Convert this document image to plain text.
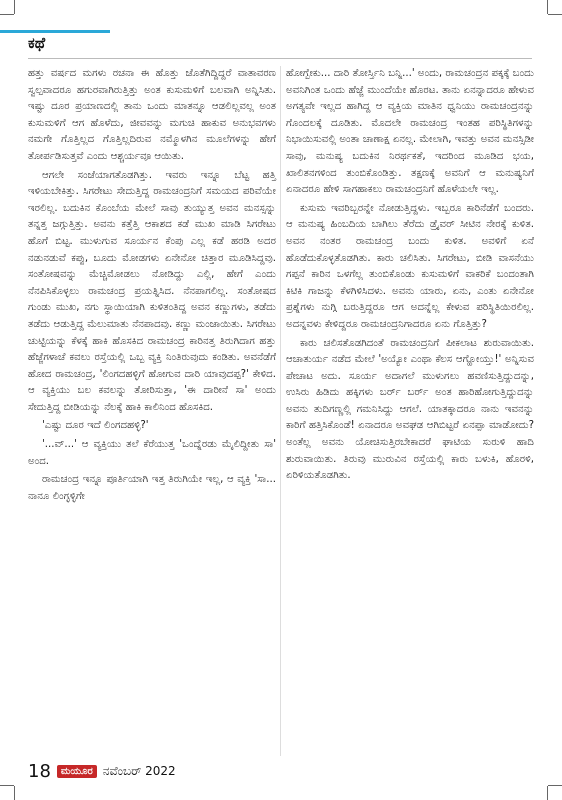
ಕಥೆ

ಹತ್ತು ವರ್ಷದ ಮಗಳು ರಚನಾ ಈ ಹೊತ್ತು ಜೊತೆಗಿದ್ದಿದ್ದರೆ ವಾತಾವರಣ ಸ್ವಲ್ಪವಾದರೂ ಹಗುರವಾಗಿರುತ್ತಿತ್ತು ಅಂತ ಕುಸುಮಳಿಗೆ ಬಲವಾಗಿ ಅನ್ನಿಸಿತು. ಇಷ್ಟು ದೂರ ಪ್ರಯಾಣದಲ್ಲಿ ತಾನು ಒಂದು ಮಾತನ್ನೂ ಆಡಲಿಲ್ಲವಲ್ಲ ಅಂತ ಕುಸುಮಳಿಗೆ ಆಗ ಹೊಳೆದು, ಜೀವವನ್ನು ಮಗುಚಿ ಹಾಕುವ ಅನುಭವಗಳು ನಮಗೇ ಗೊತ್ತಿಲ್ಲದ ಗೊತ್ತಿಲ್ಲದಿರುವ ನಮ್ಮೊಳಗಿನ ಮೂಲೆಗಳನ್ನು ಹೇಗೆ ತೋರ್ಪಡಿಸುತ್ತವೆ ಎಂದು ಆಶ್ಚರ್ಯವೂ ಆಯಿತು.

ಆಗಲೇ ಸಂಜೆಯಾಗತೊಡಗಿತ್ತು. ಇವರು ಇನ್ನೂ ಬೆಟ್ಟ ಹತ್ತಿ ಇಳಿಯಬೇಕಿತ್ತು. ಸಿಗರೇಟು ಸೇದುತ್ತಿದ್ದ ರಾಮಚಂದ್ರನಿಗೆ ಸಮಯದ ಪರಿವೆಯೇ ಇರಲಿಲ್ಲ. ಬದುಕಿನ ಕೊಂಬೆಯ ಮೇಲೆ ಸಾವು ತುಯ್ಯುತ್ತ ಅವನ ಮನಸ್ಸನ್ನು ತನ್ನತ್ತ ಜಗ್ಗುತ್ತಿತ್ತು. ಅವನು ಕತ್ತೆತ್ತಿ ಆಕಾಶದ ಕಡೆ ಮುಖ ಮಾಡಿ ಸಿಗರೇಟು ಹೊಗೆ ಬಿಟ್ಟ. ಮುಳುಗುವ ಸೂರ್ಯನ ಕೆಂಪು ಎಲ್ಲ ಕಡೆ ಹರಡಿ ಅದರ ನಡುನಡುವೆ ಕಪ್ಪು, ಬೂದು ಮೋಡಗಳು ಏನೇನೋ ಚಿತ್ತಾರ ಮೂಡಿಸಿದ್ದವು. ಸಂತೋಷವನ್ನು ಮೆಚ್ಚಿಮೋಡಲು ನೋಡಿದ್ದು ಎಲ್ಲಿ, ಹೇಗೆ ಎಂದು ನೆನಪಿಸಿಕೊಳ್ಳಲು ರಾಮಚಂದ್ರ ಪ್ರಯತ್ನಿಸಿದ. ನೆನಪಾಗಲಿಲ್ಲ. ಸಂತೋಷದ ಗುಂಡು ಮುಖ, ನಗು ಸ್ಥಾಯಿಯಾಗಿ ಕುಳಿತಂತಿದ್ದ ಅವನ ಕಣ್ಣುಗಳು, ತಡೆದು ತಡೆದು ಆಡುತ್ತಿದ್ದ ಮೆಲುಮಾತು ನೆನಪಾದವು. ಕಣ್ಣು ಮಂಜಾಯಿತು. ಸಿಗರೇಟು ಚುಟ್ಟಿಯನ್ನು ಕೆಳಕ್ಕೆ ಹಾಕಿ ಹೊಸಕಿದ ರಾಮಚಂದ್ರ ಕಾರಿನತ್ತ ತಿರುಗಿದಾಗ ಹತ್ತು ಹೆಜ್ಜೆಗಳಾಚೆ ಕವಲು ರಸ್ತೆಯಲ್ಲಿ ಒಬ್ಬ ವ್ಯಕ್ತಿ ನಿಂತಿರುವುದು ಕಂಡಿತು. ಅವನೆಡೆಗೆ ಹೋದ ರಾಮಚಂದ್ರ, 'ಲಿಂಗದಹಳ್ಳಿಗೆ ಹೋಗುವ ದಾರಿ ಯಾವುದಪ್ಪ?' ಕೇಳಿದ. ಆ ವ್ಯಕ್ತಿಯು ಬಲ ಕವಲನ್ನು ತೋರಿಸುತ್ತಾ, 'ಈ ದಾರೀನೆ ಸಾ' ಅಂದು ಸೇದುತ್ತಿದ್ದ ಬೀಡಿಯನ್ನು ನೆಲಕ್ಕೆ ಹಾಕಿ ಕಾಲಿನಿಂದ ಹೊಸಕಿದ.

'ಎಷ್ಟು ದೂರ ಇದೆ ಲಿಂಗದಹಳ್ಳಿ?'

'...ವ್...' ಆ ವ್ಯಕ್ತಿಯು ತಲೆ ಕೆರೆಯುತ್ತ 'ಒಂದ್ನೆರಡು ಮೈಲಿದ್ದೀತು ಸಾ' ಅಂದ.

ರಾಮಚಂದ್ರ ಇನ್ನೂ ಪೂರ್ತಿಯಾಗಿ ಇತ್ತ ತಿರುಗಿಯೇ ಇಲ್ಲ, ಆ ವ್ಯಕ್ತಿ 'ಸಾ... ನಾನೂ ಲಿಂಗ್ಳಳ್ಳಿಗೇ

ಹೋಗ್ಬೇಕು... ದಾರಿ ತೋರ್ಸ್ತಿನಿ ಬನ್ನಿ...' ಅಂದು, ರಾಮಚಂದ್ರನ ಪಕ್ಕಕ್ಕೆ ಬಂದು ಅವನಿಗಿಂತ ಒಂದು ಹೆಜ್ಜೆ ಮುಂದೆಯೇ ಹೊರಟ. ತಾನು ಏನನ್ನಾದರೂ ಹೇಳುವ ಅಗತ್ಯವೇ ಇಲ್ಲದ ಹಾಗಿದ್ದ ಆ ವ್ಯಕ್ತಿಯ ಮಾತಿನ ಧ್ವನಿಯು ರಾಮಚಂದ್ರನನ್ನು ಗೊಂದಲಕ್ಕೆ ದೂಡಿತು. ಮೊದಲೇ ರಾಮಚಂದ್ರ ಇಂತಹ ಪರಿಸ್ಥಿತಿಗಳನ್ನು ನಿಭಾಯಿಸುವಲ್ಲಿ ಅಂತಾ ಚಾಣಾಕ್ಷ ಏನಲ್ಲ. ಮೇಲಾಗಿ, ಇವತ್ತು ಅವನ ಮನಸ್ಸಿಡೀ ಸಾವು, ಮನುಷ್ಯ ಬದುಕಿನ ನಿರರ್ಥಕತೆ, ಇದರಿಂದ ಮೂಡಿದ ಭಯ, ಖಾಲಿತನಗಳಿಂದ ತುಂಬಿಕೊಂಡಿತ್ತು. ತಕ್ಷಣಕ್ಕೆ ಅವನಿಗೆ ಆ ಮನುಷ್ಯನಿಗೆ ಏನಾದರೂ ಹೇಳಿ ಸಾಗಹಾಕಲು ರಾಮಚಂದ್ರನಿಗೆ ಹೊಳೆಯಲೇ ಇಲ್ಲ.

ಕುಸುಮ ಇವರಿಬ್ಬರನ್ನೇ ನೋಡುತ್ತಿದ್ದಳು. ಇಬ್ಬರೂ ಕಾರಿನೆಡೆಗೆ ಬಂದರು. ಆ ಮನುಷ್ಯ ಹಿಂಬದಿಯ ಬಾಗಿಲು ತೆರೆದು ಡ್ರೈವರ್ ಸೀಟಿನ ನೇರಕ್ಕೆ ಕುಳಿತ. ಅವನ ನಂತರ ರಾಮಚಂದ್ರ ಬಂದು ಕುಳಿತ. ಅವಳಿಗೆ ಏನೆ ಹೊಡೆದುಕೊಳ್ಳತೊಡಗಿತು. ಕಾರು ಚಲಿಸಿತು. ಸಿಗರೇಟು, ಬೀಡಿ ವಾಸನೆಯು ಗಪ್ಪನೆ ಕಾರಿನ ಒಳಗೆಲ್ಲ ತುಂಬಿಕೊಂಡು ಕುಸುಮಳಿಗೆ ವಾಕರಿಕೆ ಬಂದಂತಾಗಿ ಕಿಟಿಕಿ ಗಾಜನ್ನು ಕೆಳಗಿಳಿಸಿದಳು. ಅವನು ಯಾರು, ಏನು, ಎಂತು ಏನೇನೋ ಪ್ರಶ್ನೆಗಳು ನುಗ್ಗಿ ಬರುತ್ತಿದ್ದರೂ ಆಗ ಅದನ್ನೆಲ್ಲ ಕೇಳುವ ಪರಿಸ್ಥಿತಿಯಿರಲಿಲ್ಲ. ಅದನ್ನವಳು ಕೇಳಿದ್ದರೂ ರಾಮಚಂದ್ರನಿಗಾದರೂ ಏನು ಗೊತ್ತಿತ್ತು?

ಕಾರು ಚಲಿಸತೊಡಗಿದಂತೆ ರಾಮಚಂದ್ರನಿಗೆ ಪೀಕಲಾಟ ಶುರುವಾಯಿತು. ಆಚಾತುರ್ಯ ನಡೆದ ಮೇಲೆ 'ಅಯ್ಯೋ ಎಂಥಾ ಕೆಲಸ ಆಗ್ಹೋಯ್ತು!' ಅನ್ನಿಸುವ ಪೇಚಾಟ ಅದು. ಸೂರ್ಯ ಅದಾಗಲೆ ಮುಳುಗಲು ಹವಣಿಸುತ್ತಿದ್ದುದನ್ನು, ಉಸಿರು ಹಿಡಿದು ಹಕ್ಕಿಗಳು ಬರ್ರ್ ಬರ್ರ್ ಅಂತ ಹಾರಿಹೋಗುತ್ತಿದ್ದುದನ್ನು ಅವನು ತುದಿಗಣ್ಣಲ್ಲಿ ಗಮನಿಸಿದ್ದು ಆಗಲೆ. ಯಾತಕ್ಕಾದರೂ ನಾನು ಇವನನ್ನು ಕಾರಿಗೆ ಹತ್ತಿಸಿಕೊಂಡೆ! ಏನಾದರೂ ಅವಘಡ ಆಗಿಬಿಟ್ಟರೆ ಏನಪ್ಪಾ ಮಾಡೋದು? ಅಂತೆಲ್ಲ ಅವನು ಯೋಚಿಸುತ್ತಿರಬೇಕಾದರೆ ಘಾಟಿಯ ಸುರುಳಿ ಹಾದಿ ಶುರುವಾಯಿತು. ತಿರುವು ಮುರುವಿನ ರಸ್ತೆಯಲ್ಲಿ ಕಾರು ಬಳುಕಿ, ಹೊರಳಿ, ಏರಿಳಿಯತೊಡಗಿತು.

18	ಮಯೂರ ನವೆಂಬರ್ 2022
